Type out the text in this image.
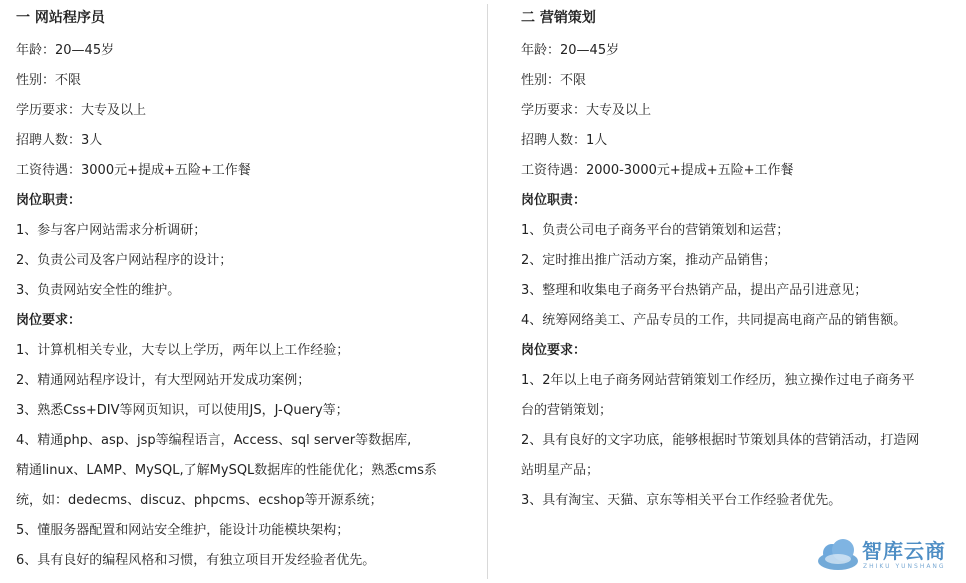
一 网站程序员
年龄：20—45岁
性别：不限
学历要求：大专及以上
招聘人数：3人
工资待遇：3000元+提成+五险+工作餐
岗位职责：
1、参与客户网站需求分析调研；
2、负责公司及客户网站程序的设计；
3、负责网站安全性的维护。
岗位要求：
1、计算机相关专业，大专以上学历，两年以上工作经验；
2、精通网站程序设计，有大型网站开发成功案例；
3、熟悉Css+DIV等网页知识，可以使用JS，J-Query等；
4、精通php、asp、jsp等编程语言，Access、sql server等数据库,
精通linux、LAMP、MySQL,了解MySQL数据库的性能优化；熟悉cms系
统，如：dedecms、discuz、phpcms、ecshop等开源系统；
5、懂服务器配置和网站安全维护，能设计功能模块架构；
6、具有良好的编程风格和习惯，有独立项目开发经验者优先。
二 营销策划
年龄：20—45岁
性别：不限
学历要求：大专及以上
招聘人数：1人
工资待遇：2000-3000元+提成+五险+工作餐
岗位职责：
1、负责公司电子商务平台的营销策划和运营；
2、定时推出推广活动方案，推动产品销售；
3、整理和收集电子商务平台热销产品，提出产品引进意见；
4、统筹网络美工、产品专员的工作，共同提高电商产品的销售额。
岗位要求：
1、2年以上电子商务网站营销策划工作经历，独立操作过电子商务平
台的营销策划；
2、具有良好的文字功底，能够根据时节策划具体的营销活动，打造网
站明星产品；
3、具有淘宝、天猫、京东等相关平台工作经验者优先。
智库云商
ZHIKU YUNSHANG
